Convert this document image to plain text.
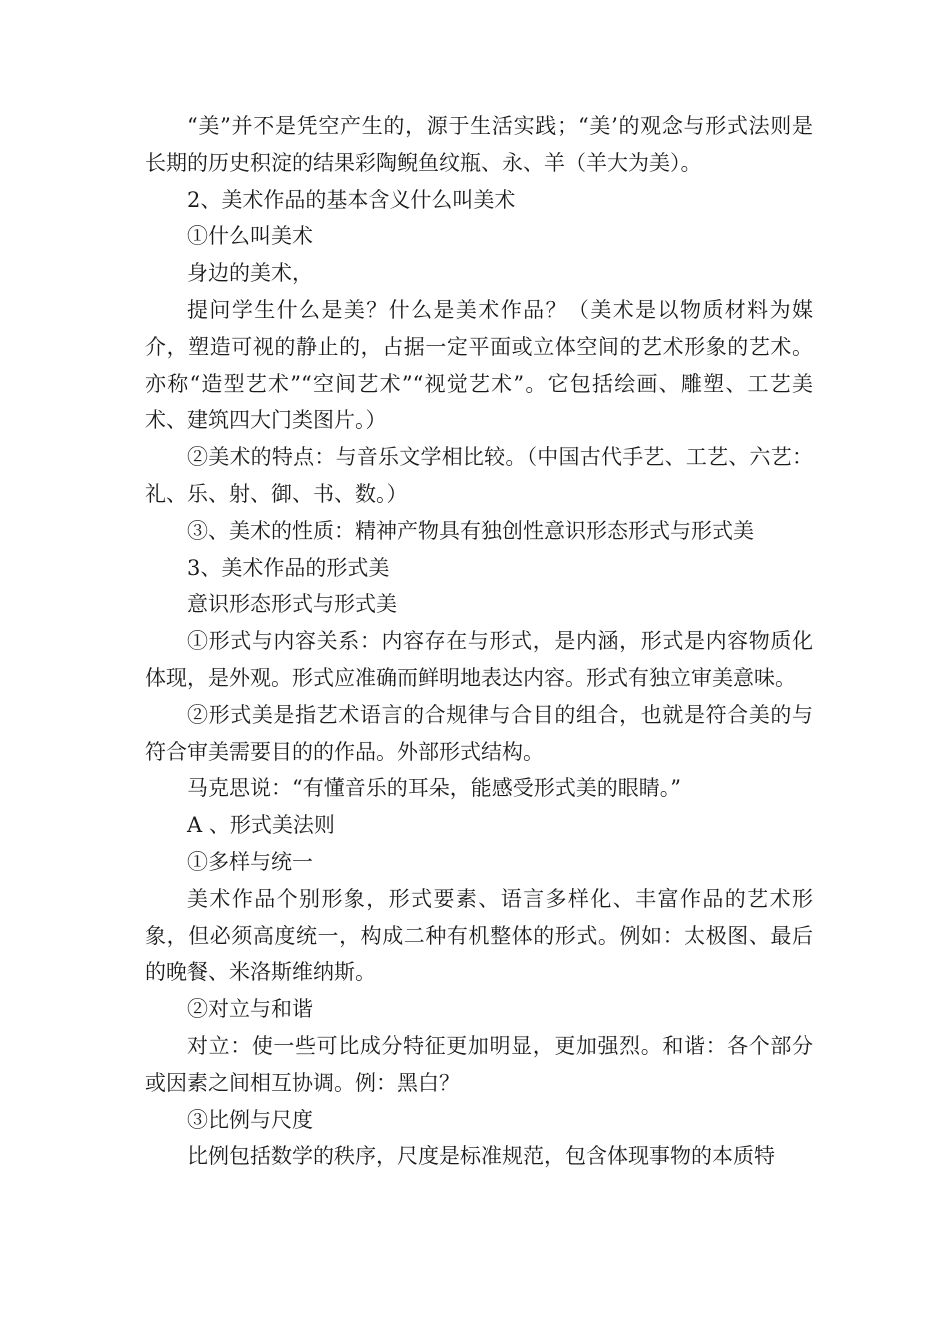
“美”并不是凭空产生的，源于生活实践；“美’的观念与形式法则是长期的历史积淀的结果彩陶鲵鱼纹瓶、永、羊（羊大为美）。

2、美术作品的基本含义什么叫美术

①什么叫美术

身边的美术，

提问学生什么是美？什么是美术作品？（美术是以物质材料为媒介，塑造可视的静止的，占据一定平面或立体空间的艺术形象的艺术。亦称“造型艺术”“空间艺术”“视觉艺术”。它包括绘画、雕塑、工艺美术、建筑四大门类图片。）

②美术的特点：与音乐文学相比较。（中国古代手艺、工艺、六艺：礼、乐、射、御、书、数。）

③、美术的性质：精神产物具有独创性意识形态形式与形式美

3、美术作品的形式美

意识形态形式与形式美

①形式与内容关系：内容存在与形式，是内涵，形式是内容物质化体现，是外观。形式应准确而鲜明地表达内容。形式有独立审美意味。

②形式美是指艺术语言的合规律与合目的组合，也就是符合美的与符合审美需要目的的作品。外部形式结构。

马克思说：“有懂音乐的耳朵，能感受形式美的眼睛。”

A 、形式美法则

①多样与统一

美术作品个别形象，形式要素、语言多样化、丰富作品的艺术形象，但必须高度统一，构成二种有机整体的形式。例如：太极图、最后的晚餐、米洛斯维纳斯。

②对立与和谐

对立：使一些可比成分特征更加明显，更加强烈。和谐：各个部分或因素之间相互协调。例：黑白？

③比例与尺度

比例包括数学的秩序，尺度是标准规范，包含体现事物的本质特
